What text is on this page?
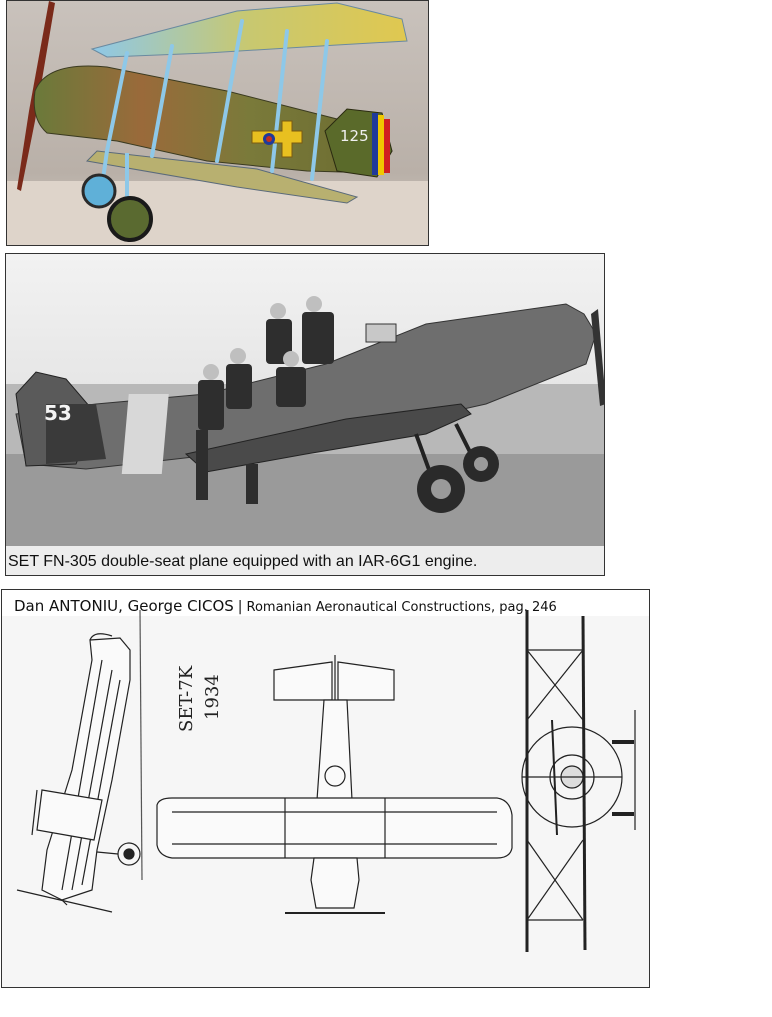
125
53
SET FN-305 double-seat plane equipped with an IAR-6G1 engine.
Dan ANTONIU, George CICOS | Romanian Aeronautical Constructions, pag. 246
SET-7K 1934
